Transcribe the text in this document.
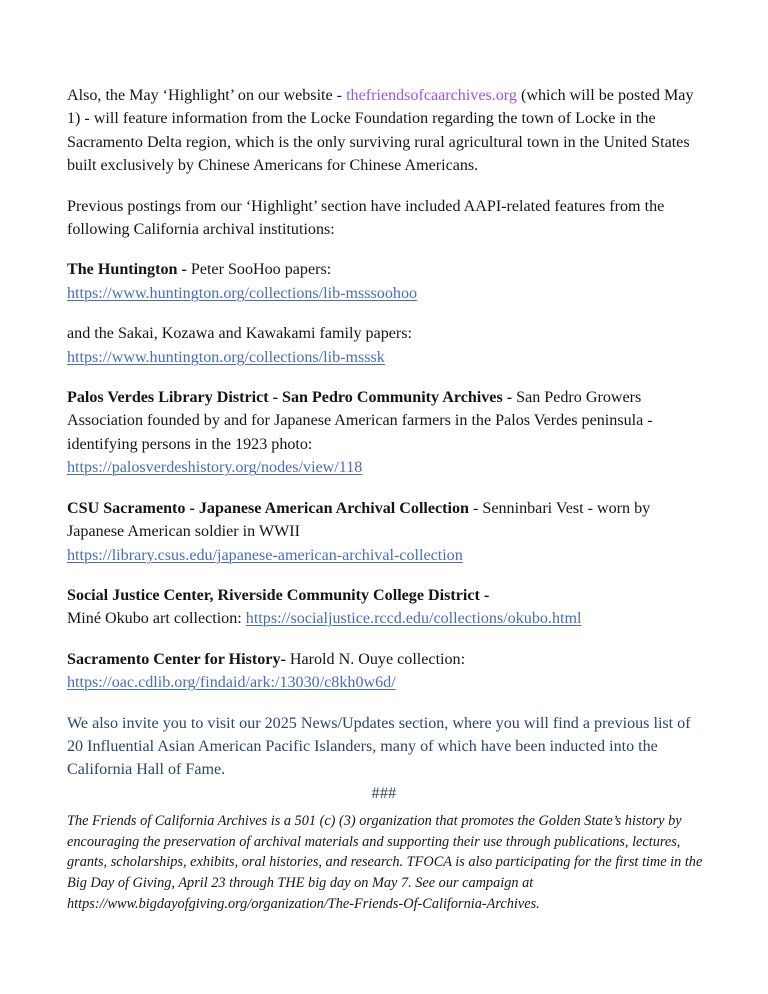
Also, the May ‘Highlight’ on our website - thefriendsofcaarchives.org (which will be posted May 1) - will feature information from the Locke Foundation regarding the town of Locke in the Sacramento Delta region, which is the only surviving rural agricultural town in the United States built exclusively by Chinese Americans for Chinese Americans.

Previous postings from our ‘Highlight’ section have included AAPI-related features from the following California archival institutions:

The Huntington - Peter SooHoo papers:
https://www.huntington.org/collections/lib-msssoohoo

and the Sakai, Kozawa and Kawakami family papers:
https://www.huntington.org/collections/lib-msssk

Palos Verdes Library District - San Pedro Community Archives - San Pedro Growers Association founded by and for Japanese American farmers in the Palos Verdes peninsula - identifying persons in the 1923 photo:
https://palosverdeshistory.org/nodes/view/118

CSU Sacramento - Japanese American Archival Collection - Senninbari Vest - worn by Japanese American soldier in WWII
https://library.csus.edu/japanese-american-archival-collection

Social Justice Center, Riverside Community College District -
Miné Okubo art collection: https://socialjustice.rccd.edu/collections/okubo.html

Sacramento Center for History- Harold N. Ouye collection:
https://oac.cdlib.org/findaid/ark:/13030/c8kh0w6d/

We also invite you to visit our 2025 News/Updates section, where you will find a previous list of 20 Influential Asian American Pacific Islanders, many of which have been inducted into the California Hall of Fame.

###

The Friends of California Archives is a 501 (c) (3) organization that promotes the Golden State’s history by encouraging the preservation of archival materials and supporting their use through publications, lectures, grants, scholarships, exhibits, oral histories, and research. TFOCA is also participating for the first time in the Big Day of Giving, April 23 through THE big day on May 7. See our campaign at https://www.bigdayofgiving.org/organization/The-Friends-Of-California-Archives.
